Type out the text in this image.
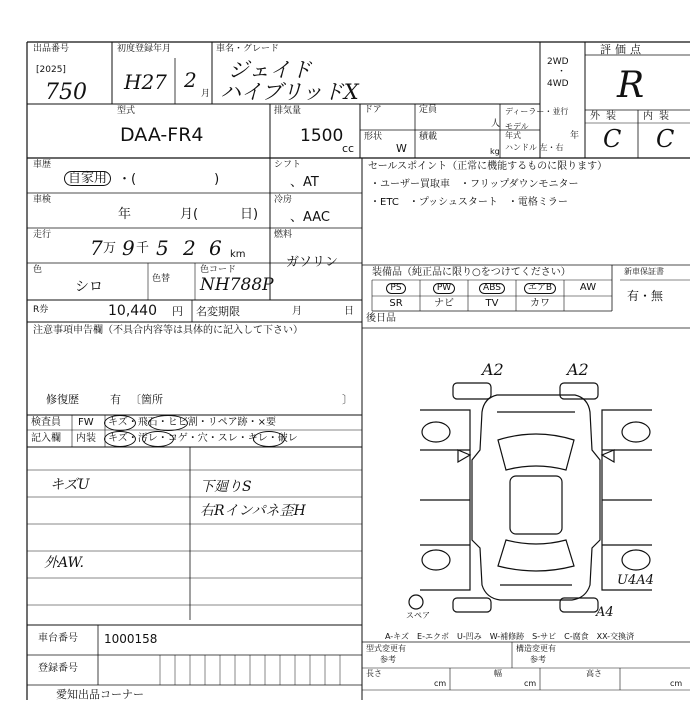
出品番号
[2025]
750
初度登録年月
H27 2
月
車名・グレード
ジェイド
ハイブリッドX
2WD
・
4WD
評価点
R
型式
DAA-FR4
排気量
1500
cc
ドア	定員
人
ディーラー・並行
モデル年式	年
形状
W
積載
kg ハンドル 左・右
外装 内装
C C
車歴
自家用 ・(　　　　　　)
車検
年	月(	日)
走行
7 万 9 千 5 2 6 km
色
シロ	色替
色コード
NH788P
シフト
、AT
冷房
、AAC
燃料
ガソリン
R券	10,440 円 名変期限	月	日
セールスポイント（正常に機能するものに限ります）
・ユーザー買取車　・フリップダウンモニター
・ETC　・プッシュスタート　・電格ミラー
装備品（純正品に限り○をつけてください）	新車保証書
有・無
PS	PW	ABS	エアB	AW
SR	ナビ	TV	カワ
後日品
注意事項申告欄（不具合内容等は具体的に記入して下さい）
修復歴	有 〔箇所	〕
検査員 FW キズ・飛石・ヒビ割・リペア跡・×要
記入欄 内装 キズ・汚レ・コゲ・穴・スレ・キレ・破レ
キズU
外AW.
下廻りS
右Rインパネ歪H
A2	A2
U4A4
A4
スペア
A-キズ　E-エクボ　U-凹み　W-補修跡　S-サビ　C-腐食　XX-交換済
車台番号 1000158
登録番号
型式変更有
参考
構造変更有
参考
長さ
cm
幅
cm
高さ
cm
愛知出品コーナー
